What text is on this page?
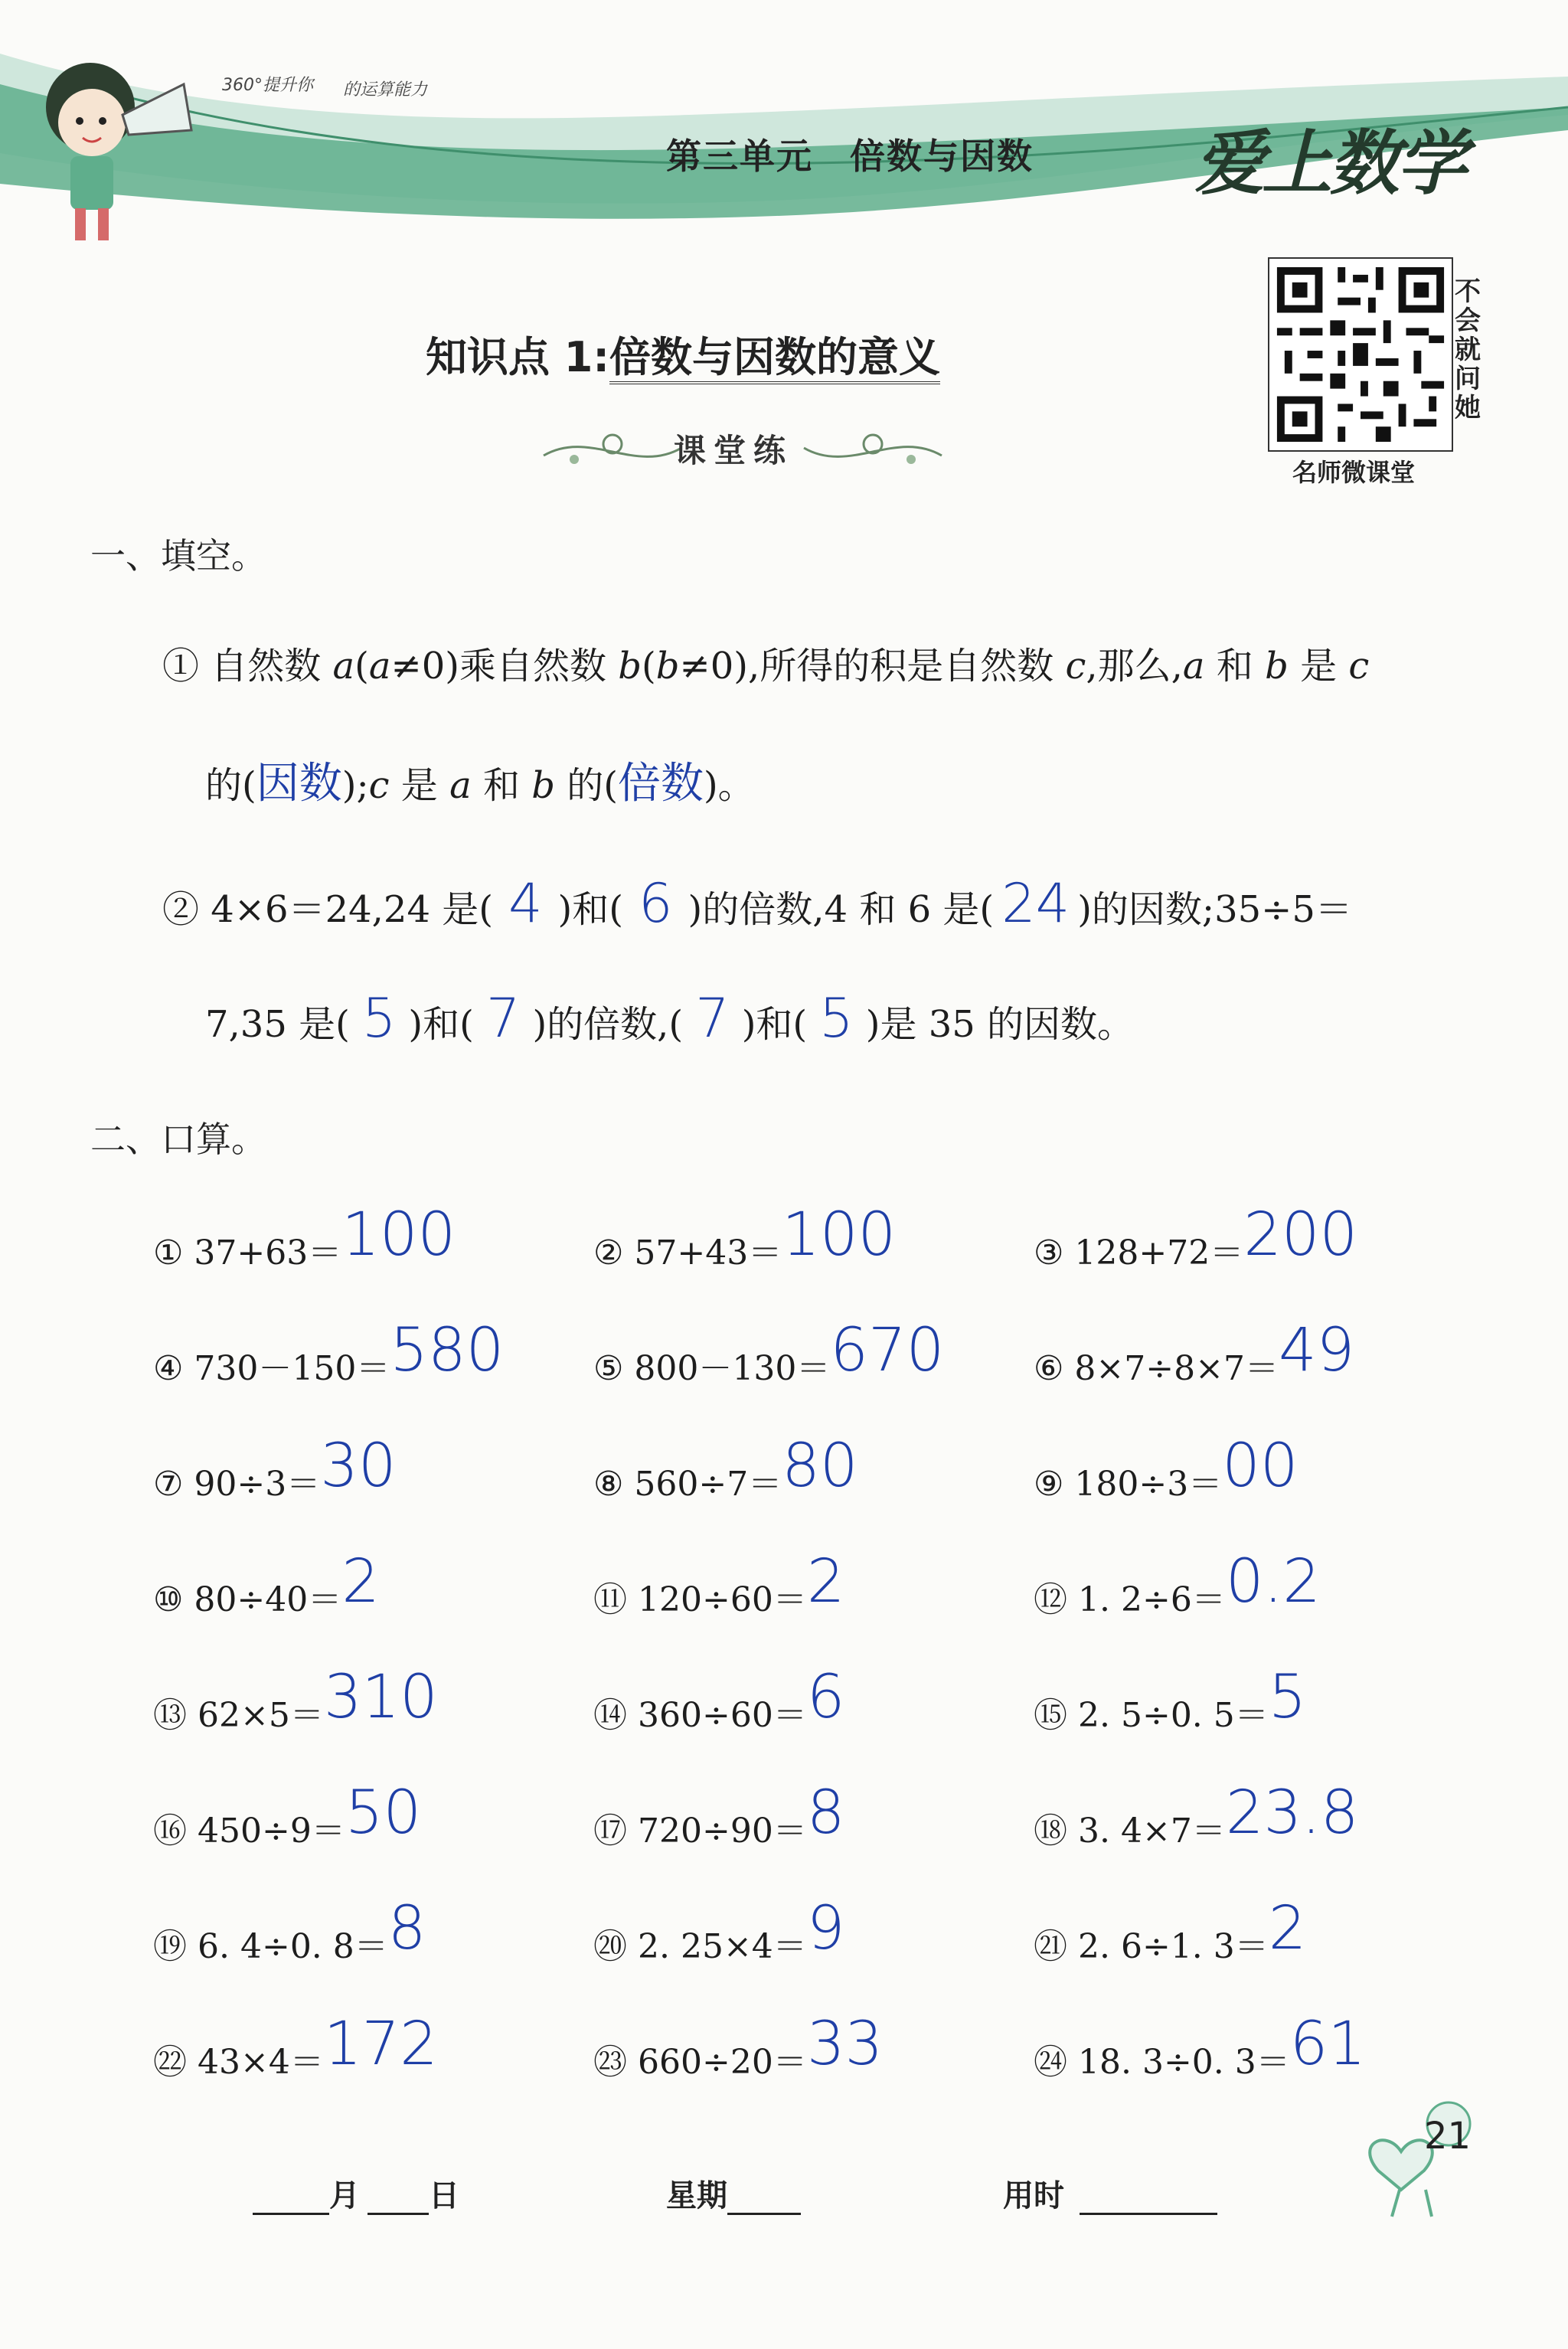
360°提升你 的运算能力
第三单元 倍数与因数	爱上数学
不
会
就
问
她
名师微课堂
知识点 1:倍数与因数的意义
课堂练
一、填空。
① 自然数 a(a≠0)乘自然数 b(b≠0),所得的积是自然数 c,那么,a 和 b 是 c
的(因数);c 是 a 和 b 的(倍数)。
② 4×6＝24,24 是( 4 )和( 6 )的倍数,4 和 6 是( 24 )的因数;35÷5＝
7,35 是( 5 )和( 7 )的倍数,( 7 )和( 5 )是 35 的因数。
二、口算。
① 37+63＝ 100	② 57+43＝ 100	③ 128+72＝ 200
④ 730－150＝ 580	⑤ 800－130＝ 670	⑥ 8×7÷8×7＝ 49
⑦ 90÷3＝ 30	⑧ 560÷7＝ 80	⑨ 180÷3＝ 00
⑩ 80÷40＝ 2	⑪ 120÷60＝ 2	⑫ 1. 2÷6＝ 0.2
⑬ 62×5＝ 310	⑭ 360÷60＝ 6	⑮ 2. 5÷0. 5＝ 5
⑯ 450÷9＝ 50	⑰ 720÷90＝ 8	⑱ 3. 4×7＝ 23.8
⑲ 6. 4÷0. 8＝ 8	⑳ 2. 25×4＝ 9	㉑ 2. 6÷1. 3＝ 2
㉒ 43×4＝ 172	㉓ 660÷20＝ 33	㉔ 18. 3÷0. 3＝ 61
月 日	星期	用时
21
